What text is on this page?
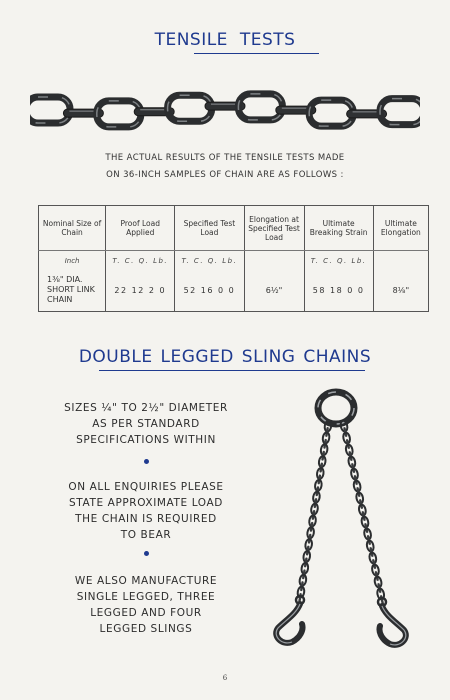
TENSILE TESTS
THE ACTUAL RESULTS OF THE TENSILE TESTS MADE
ON 36-INCH SAMPLES OF CHAIN ARE AS FOLLOWS :
Nominal Size of Chain	Proof Load Applied	Specified Test Load	Elongation at Specified Test Load	Ultimate Breaking Strain	Ultimate Elongation
Inch	T. C. Q. Lb.	T. C. Q. Lb.		T. C. Q. Lb.	

1⅜" DIA.
SHORT LINK
CHAIN	22 12 2 0	52 16 0 0	6½"	58 18 0 0	8⅛"
DOUBLE LEGGED SLING CHAINS
SIZES ¼" TO 2½" DIAMETER
AS PER STANDARD
SPECIFICATIONS WITHIN
ON ALL ENQUIRIES PLEASE
STATE APPROXIMATE LOAD
THE CHAIN IS REQUIRED
TO BEAR
WE ALSO MANUFACTURE
SINGLE LEGGED, THREE
LEGGED AND FOUR
LEGGED SLINGS
6
